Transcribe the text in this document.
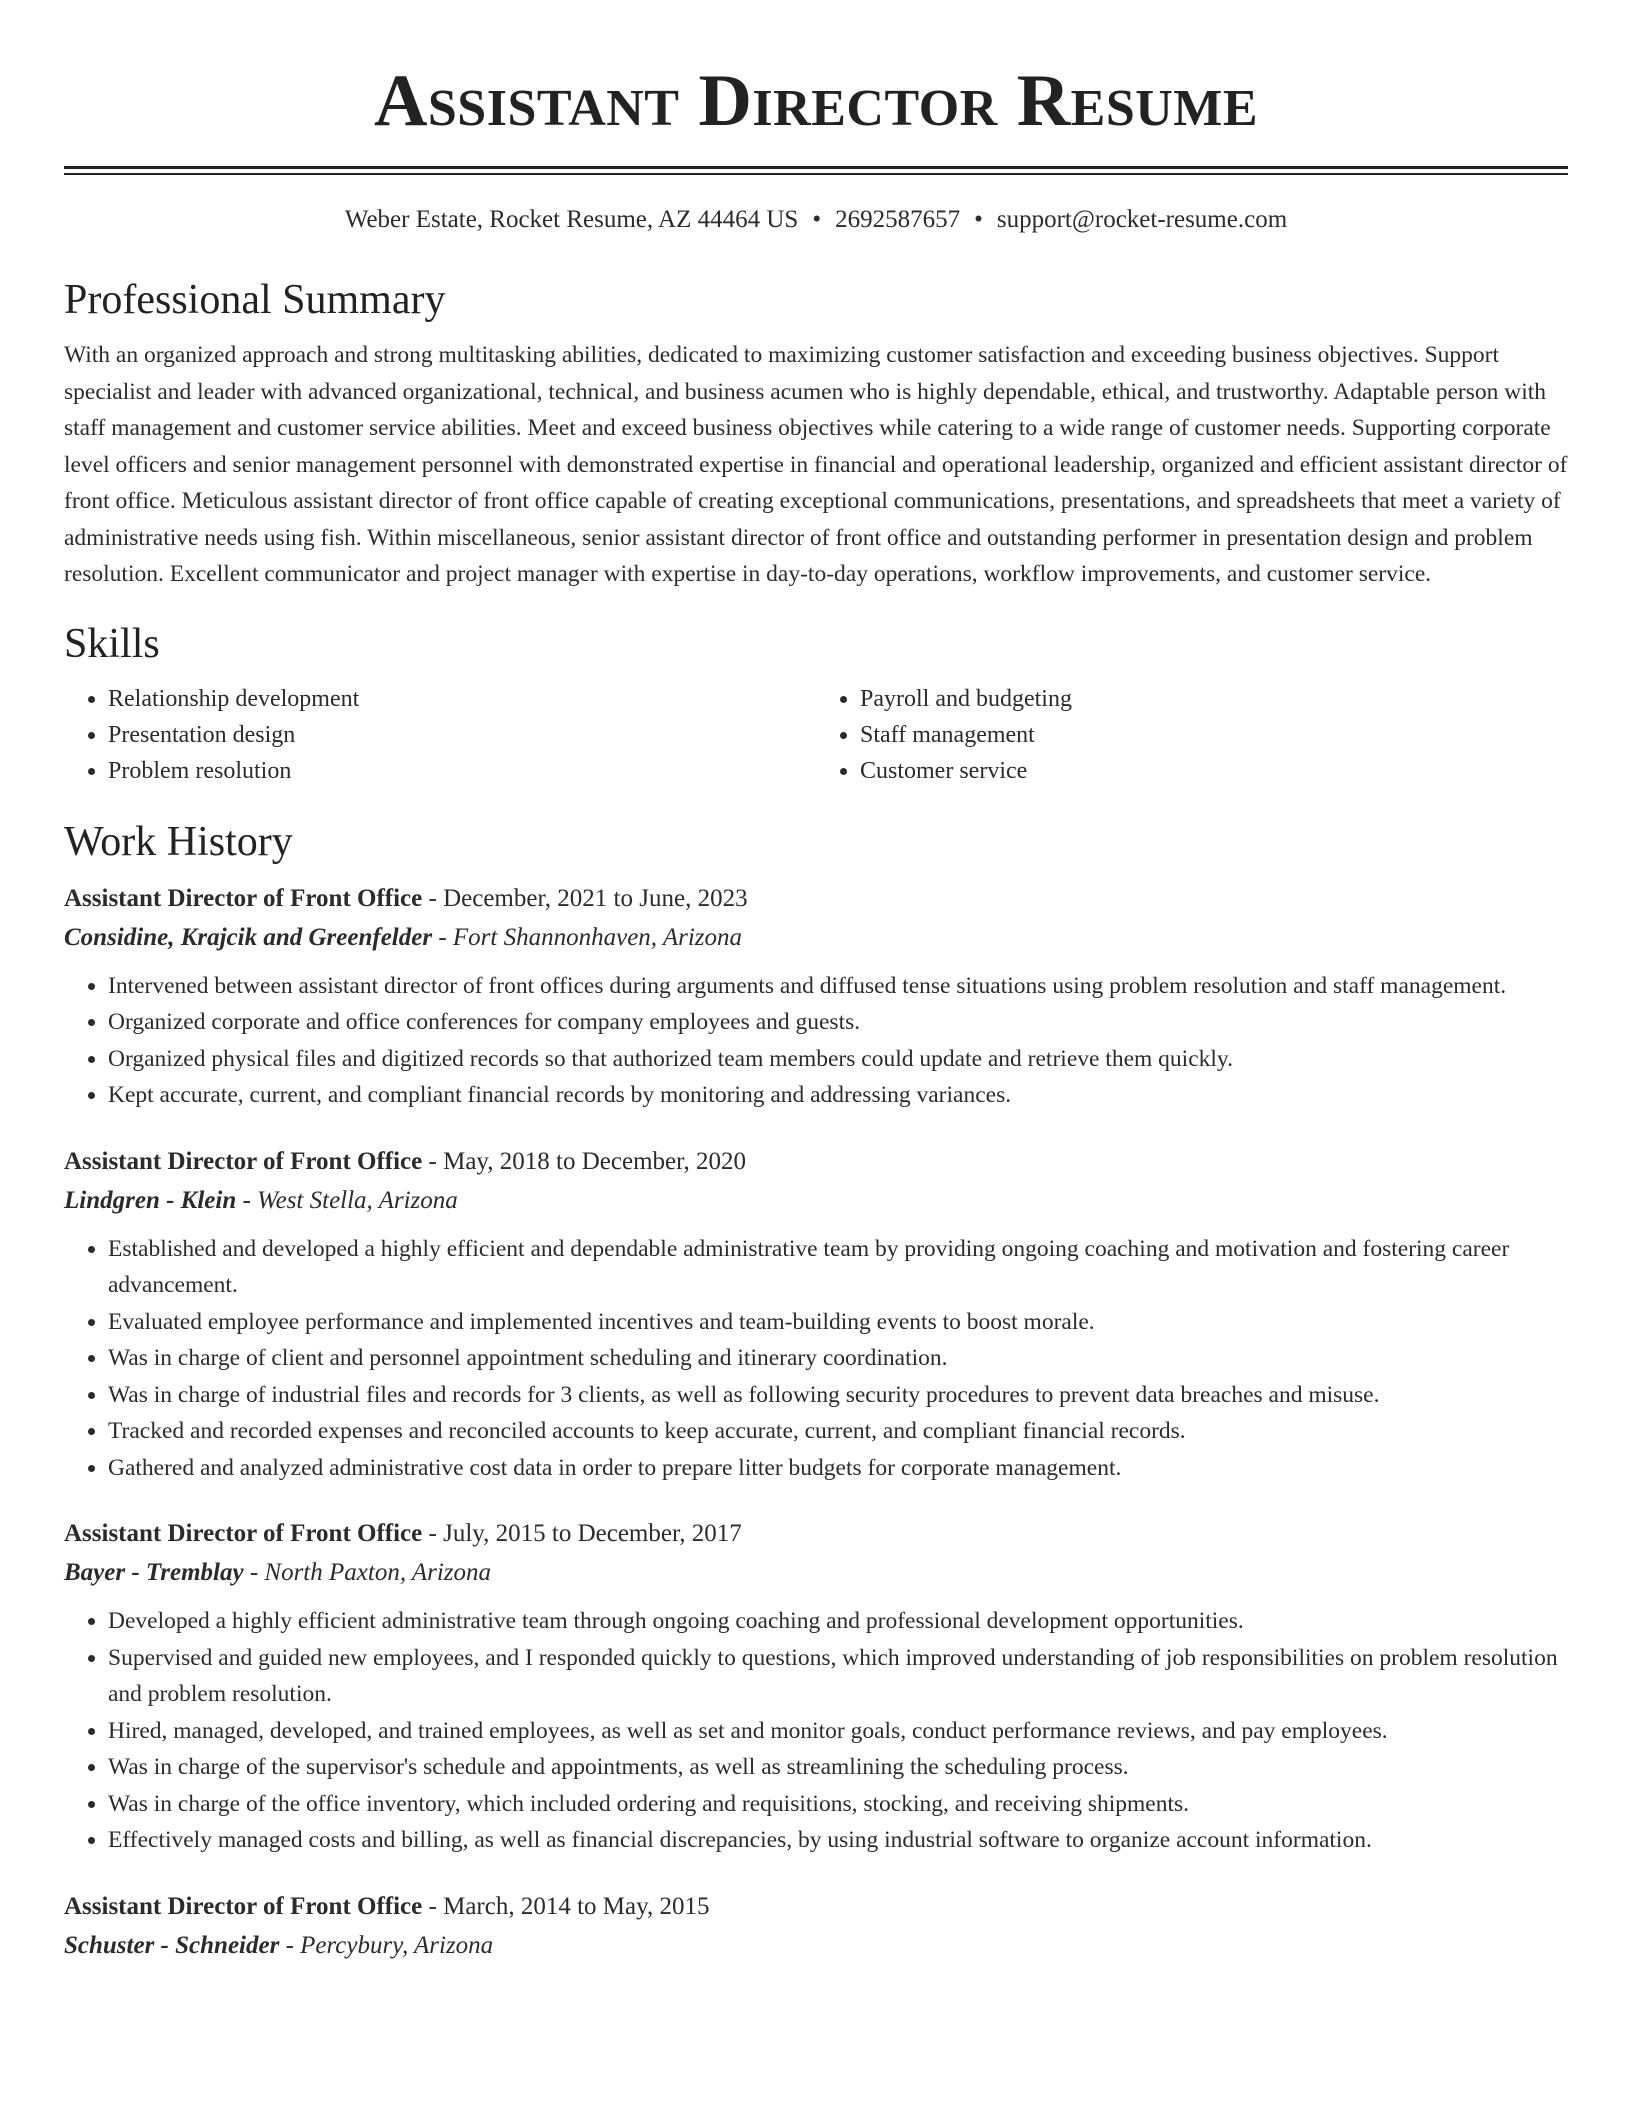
Assistant Director Resume
Weber Estate, Rocket Resume, AZ 44464 US • 2692587657 • support@rocket-resume.com
Professional Summary
With an organized approach and strong multitasking abilities, dedicated to maximizing customer satisfaction and exceeding business objectives. Support specialist and leader with advanced organizational, technical, and business acumen who is highly dependable, ethical, and trustworthy. Adaptable person with staff management and customer service abilities. Meet and exceed business objectives while catering to a wide range of customer needs. Supporting corporate level officers and senior management personnel with demonstrated expertise in financial and operational leadership, organized and efficient assistant director of front office. Meticulous assistant director of front office capable of creating exceptional communications, presentations, and spreadsheets that meet a variety of administrative needs using fish. Within miscellaneous, senior assistant director of front office and outstanding performer in presentation design and problem resolution. Excellent communicator and project manager with expertise in day-to-day operations, workflow improvements, and customer service.
Skills
• Relationship development
• Presentation design
• Problem resolution
• Payroll and budgeting
• Staff management
• Customer service
Work History
Assistant Director of Front Office - December, 2021 to June, 2023
Considine, Krajcik and Greenfelder - Fort Shannonhaven, Arizona
• Intervened between assistant director of front offices during arguments and diffused tense situations using problem resolution and staff management.
• Organized corporate and office conferences for company employees and guests.
• Organized physical files and digitized records so that authorized team members could update and retrieve them quickly.
• Kept accurate, current, and compliant financial records by monitoring and addressing variances.
Assistant Director of Front Office - May, 2018 to December, 2020
Lindgren - Klein - West Stella, Arizona
• Established and developed a highly efficient and dependable administrative team by providing ongoing coaching and motivation and fostering career advancement.
• Evaluated employee performance and implemented incentives and team-building events to boost morale.
• Was in charge of client and personnel appointment scheduling and itinerary coordination.
• Was in charge of industrial files and records for 3 clients, as well as following security procedures to prevent data breaches and misuse.
• Tracked and recorded expenses and reconciled accounts to keep accurate, current, and compliant financial records.
• Gathered and analyzed administrative cost data in order to prepare litter budgets for corporate management.
Assistant Director of Front Office - July, 2015 to December, 2017
Bayer - Tremblay - North Paxton, Arizona
• Developed a highly efficient administrative team through ongoing coaching and professional development opportunities.
• Supervised and guided new employees, and I responded quickly to questions, which improved understanding of job responsibilities on problem resolution and problem resolution.
• Hired, managed, developed, and trained employees, as well as set and monitor goals, conduct performance reviews, and pay employees.
• Was in charge of the supervisor's schedule and appointments, as well as streamlining the scheduling process.
• Was in charge of the office inventory, which included ordering and requisitions, stocking, and receiving shipments.
• Effectively managed costs and billing, as well as financial discrepancies, by using industrial software to organize account information.
Assistant Director of Front Office - March, 2014 to May, 2015
Schuster - Schneider - Percybury, Arizona
